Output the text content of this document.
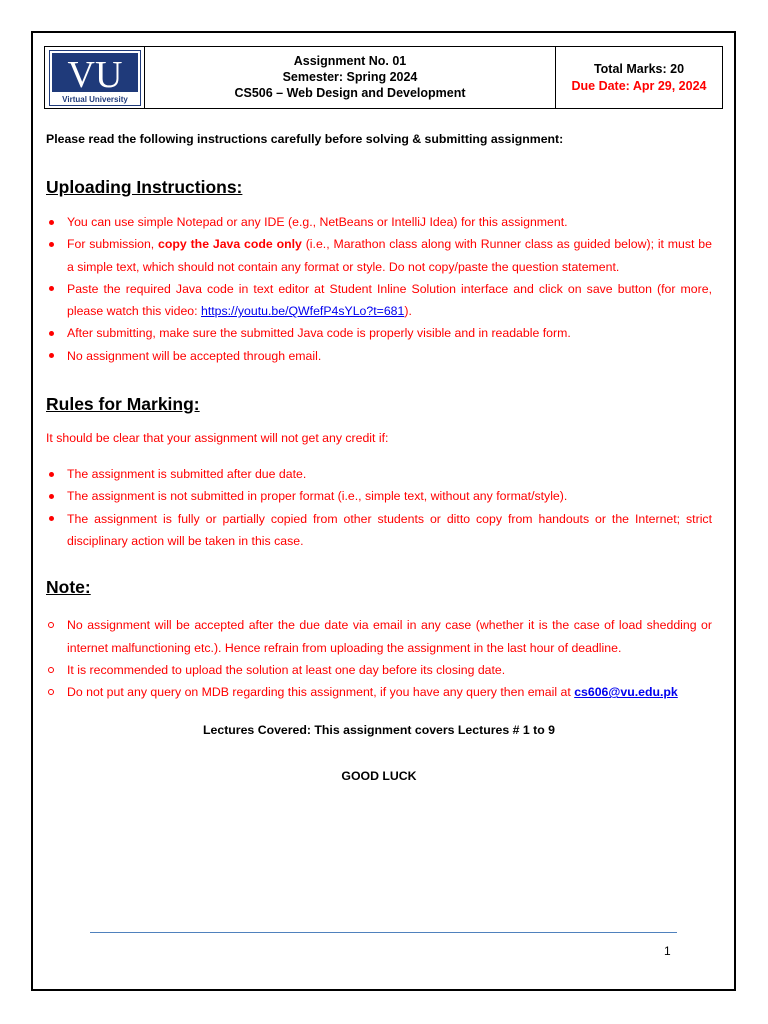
VU
Virtual University
Assignment No. 01
Semester: Spring 2024
CS506 – Web Design and Development
Total Marks: 20
Due Date: Apr 29, 2024

Please read the following instructions carefully before solving & submitting assignment:

Uploading Instructions:
You can use simple Notepad or any IDE (e.g., NetBeans or IntelliJ Idea) for this assignment.
For submission, copy the Java code only (i.e., Marathon class along with Runner class as guided below); it must be a simple text, which should not contain any format or style. Do not copy/paste the question statement.
Paste the required Java code in text editor at Student Inline Solution interface and click on save button (for more, please watch this video: https://youtu.be/QWfefP4sYLo?t=681).
After submitting, make sure the submitted Java code is properly visible and in readable form.
No assignment will be accepted through email.
Rules for Marking:

It should be clear that your assignment will not get any credit if:

The assignment is submitted after due date.
The assignment is not submitted in proper format (i.e., simple text, without any format/style).
The assignment is fully or partially copied from other students or ditto copy from handouts or the Internet; strict disciplinary action will be taken in this case.
Note:
No assignment will be accepted after the due date via email in any case (whether it is the case of load shedding or internet malfunctioning etc.). Hence refrain from uploading the assignment in the last hour of deadline.
It is recommended to upload the solution at least one day before its closing date.
Do not put any query on MDB regarding this assignment, if you have any query then email at cs606@vu.edu.pk
Lectures Covered: This assignment covers Lectures # 1 to 9
GOOD LUCK
1
